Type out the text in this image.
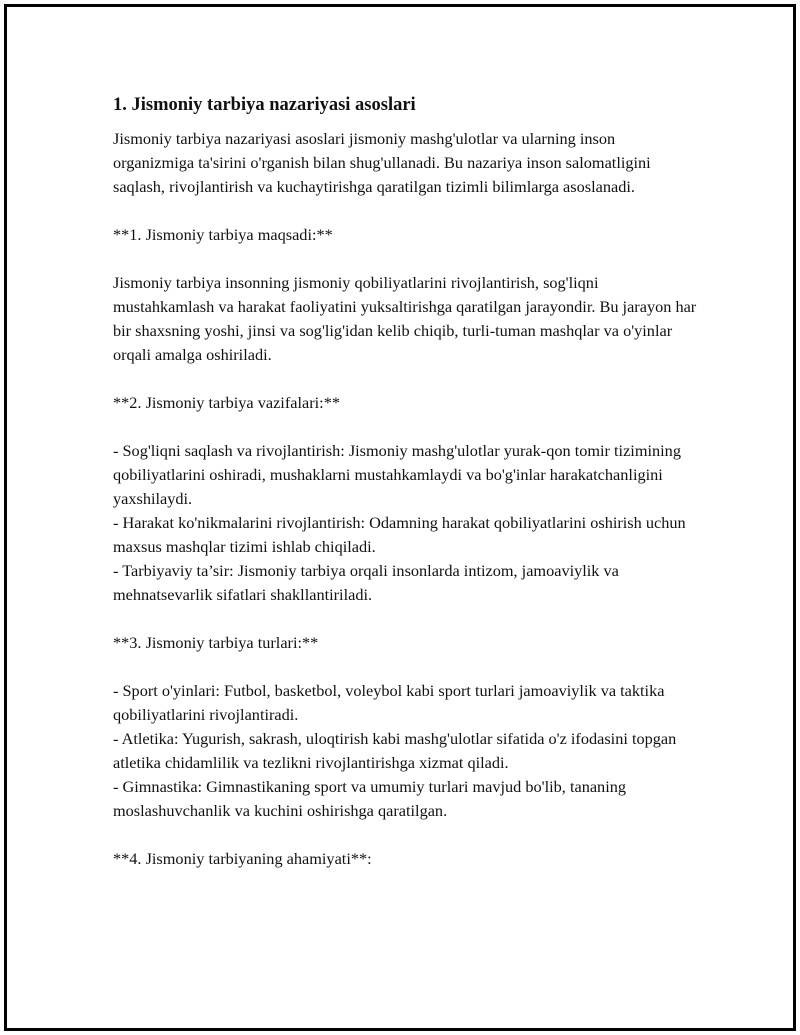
1. Jismoniy tarbiya nazariyasi asoslari

Jismoniy tarbiya nazariyasi asoslari jismoniy mashg'ulotlar va ularning inson organizmiga ta'sirini o'rganish bilan shug'ullanadi. Bu nazariya inson salomatligini saqlash, rivojlantirish va kuchaytirishga qaratilgan tizimli bilimlarga asoslanadi.

**1. Jismoniy tarbiya maqsadi:**

Jismoniy tarbiya insonning jismoniy qobiliyatlarini rivojlantirish, sog'liqni mustahkamlash va harakat faoliyatini yuksaltirishga qaratilgan jarayondir. Bu jarayon har bir shaxsning yoshi, jinsi va sog'lig'idan kelib chiqib, turli-tuman mashqlar va o'yinlar orqali amalga oshiriladi.

**2. Jismoniy tarbiya vazifalari:**

- Sog'liqni saqlash va rivojlantirish: Jismoniy mashg'ulotlar yurak-qon tomir tizimining qobiliyatlarini oshiradi, mushaklarni mustahkamlaydi va bo'g'inlar harakatchanligini yaxshilaydi.

- Harakat ko'nikmalarini rivojlantirish: Odamning harakat qobiliyatlarini oshirish uchun maxsus mashqlar tizimi ishlab chiqiladi.

- Tarbiyaviy ta’sir: Jismoniy tarbiya orqali insonlarda intizom, jamoaviylik va mehnatsevarlik sifatlari shakllantiriladi.

**3. Jismoniy tarbiya turlari:**

- Sport o'yinlari: Futbol, basketbol, voleybol kabi sport turlari jamoaviylik va taktika qobiliyatlarini rivojlantiradi.

- Atletika: Yugurish, sakrash, uloqtirish kabi mashg'ulotlar sifatida o'z ifodasini topgan atletika chidamlilik va tezlikni rivojlantirishga xizmat qiladi.

- Gimnastika: Gimnastikaning sport va umumiy turlari mavjud bo'lib, tananing moslashuvchanlik va kuchini oshirishga qaratilgan.

**4. Jismoniy tarbiyaning ahamiyati**:
